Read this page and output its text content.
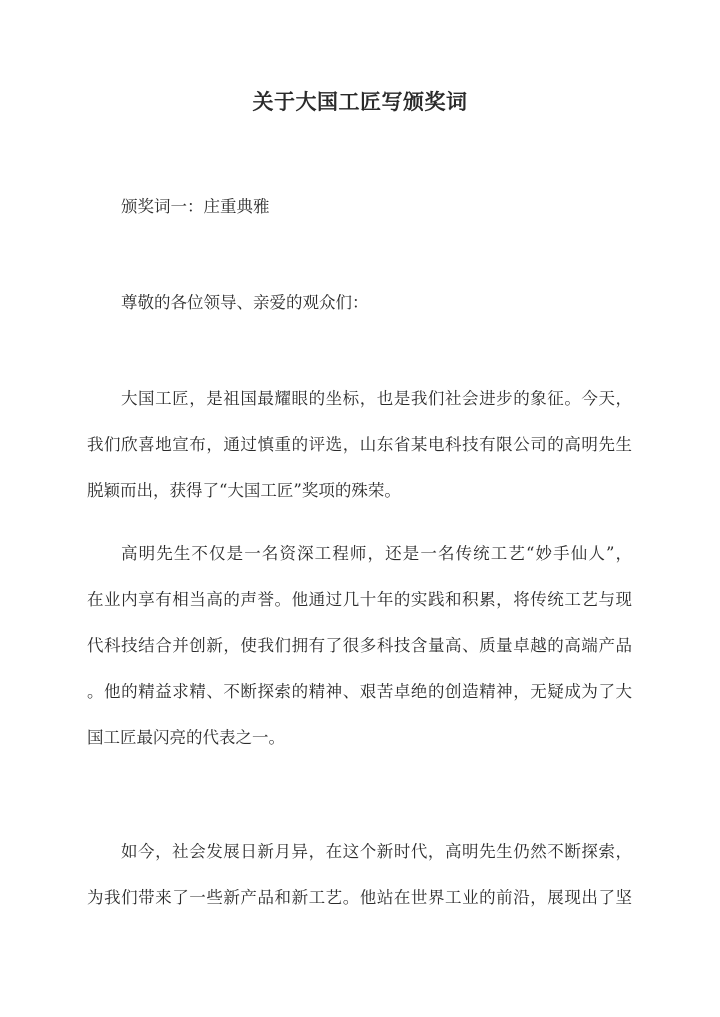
关于大国工匠写颁奖词
颁奖词一：庄重典雅
尊敬的各位领导、亲爱的观众们：
大国工匠，是祖国最耀眼的坐标，也是我们社会进步的象征。今天，
我们欣喜地宣布，通过慎重的评选，山东省某电科技有限公司的高明先生
脱颖而出，获得了“大国工匠”奖项的殊荣。
高明先生不仅是一名资深工程师，还是一名传统工艺“妙手仙人”，
在业内享有相当高的声誉。他通过几十年的实践和积累，将传统工艺与现
代科技结合并创新，使我们拥有了很多科技含量高、质量卓越的高端产品
。他的精益求精、不断探索的精神、艰苦卓绝的创造精神，无疑成为了大
国工匠最闪亮的代表之一。
如今，社会发展日新月异，在这个新时代，高明先生仍然不断探索，
为我们带来了一些新产品和新工艺。他站在世界工业的前沿，展现出了坚
